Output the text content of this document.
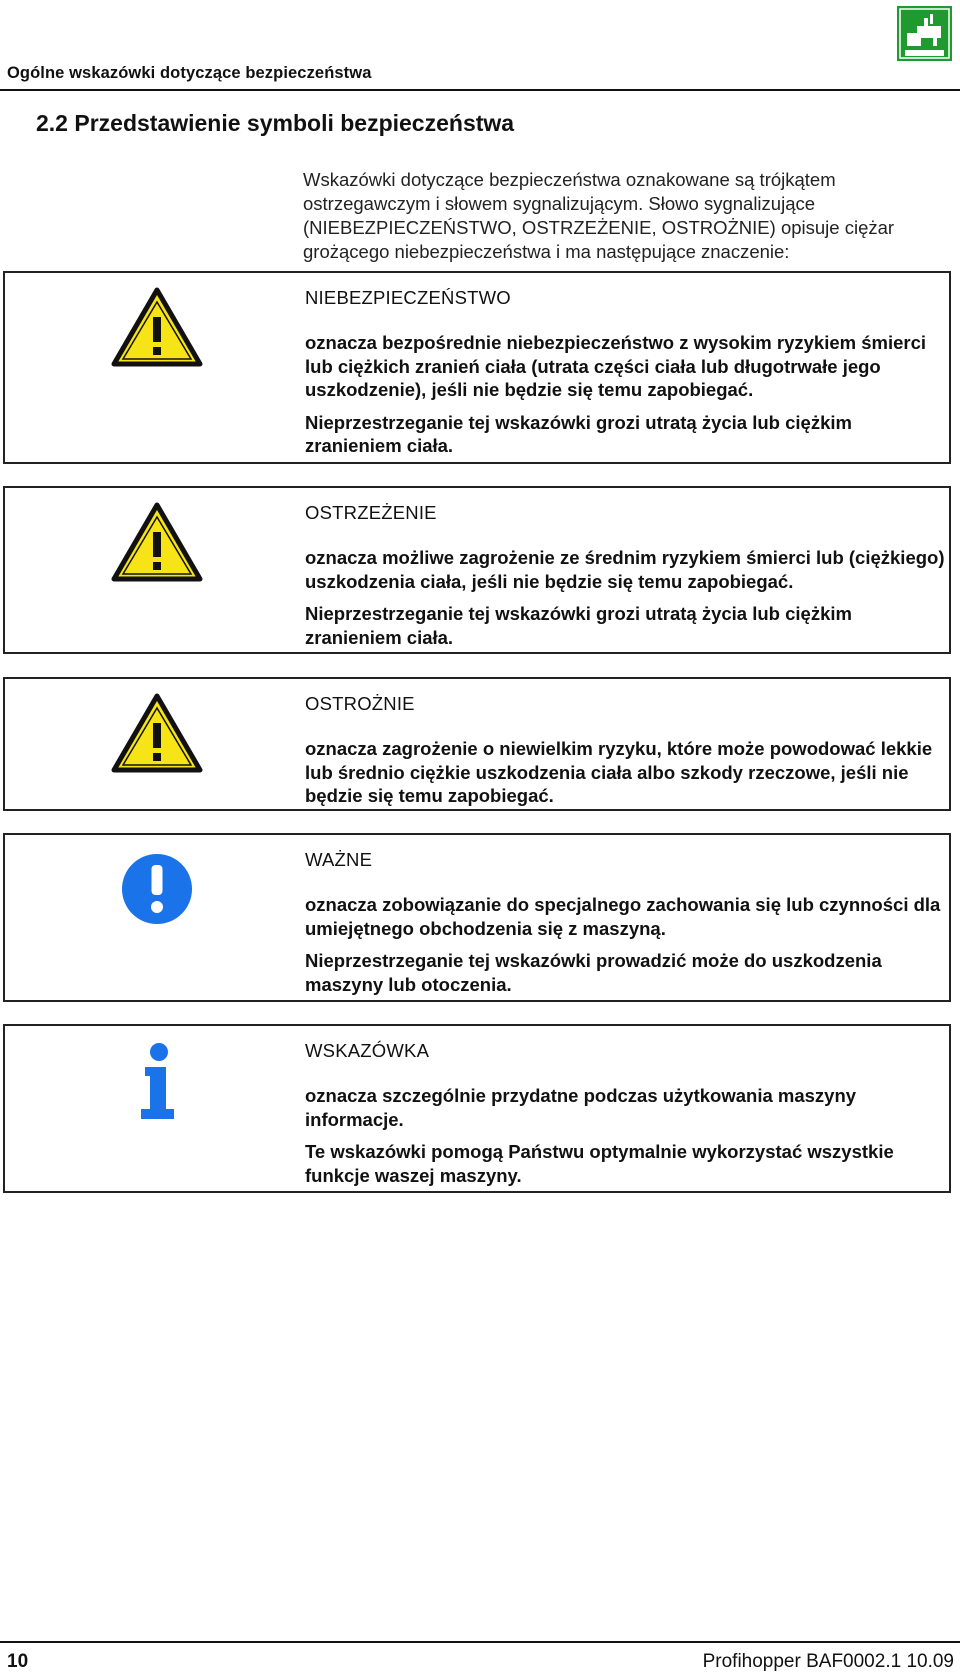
Ogólne wskazówki dotyczące bezpieczeństwa
2.2 Przedstawienie symboli bezpieczeństwa
Wskazówki dotyczące bezpieczeństwa oznakowane są trójkątem ostrzegawczym i słowem sygnalizującym. Słowo sygnalizujące (NIEBEZPIECZEŃSTWO, OSTRZEŻENIE, OSTROŻNIE) opisuje ciężar grożącego niebezpieczeństwa i ma następujące znaczenie:

NIEBEZPIECZEŃSTWO

oznacza bezpośrednie niebezpieczeństwo z wysokim ryzykiem śmierci lub ciężkich zranień ciała (utrata części ciała lub długotrwałe jego uszkodzenie), jeśli nie będzie się temu zapobiegać.

Nieprzestrzeganie tej wskazówki grozi utratą życia lub ciężkim zranieniem ciała.

OSTRZEŻENIE

oznacza możliwe zagrożenie ze średnim ryzykiem śmierci lub (ciężkiego) uszkodzenia ciała, jeśli nie będzie się temu zapobiegać.

Nieprzestrzeganie tej wskazówki grozi utratą życia lub ciężkim zranieniem ciała.

OSTROŻNIE

oznacza zagrożenie o niewielkim ryzyku, które może powodować lekkie lub średnio ciężkie uszkodzenia ciała albo szkody rzeczowe, jeśli nie będzie się temu zapobiegać.

WAŻNE

oznacza zobowiązanie do specjalnego zachowania się lub czynności dla umiejętnego obchodzenia się z maszyną.

Nieprzestrzeganie tej wskazówki prowadzić może do uszkodzenia maszyny lub otoczenia.

WSKAZÓWKA

oznacza szczególnie przydatne podczas użytkowania maszyny informacje.

Te wskazówki pomogą Państwu optymalnie wykorzystać wszystkie funkcje waszej maszyny.

10	Profihopper BAF0002.1 10.09
